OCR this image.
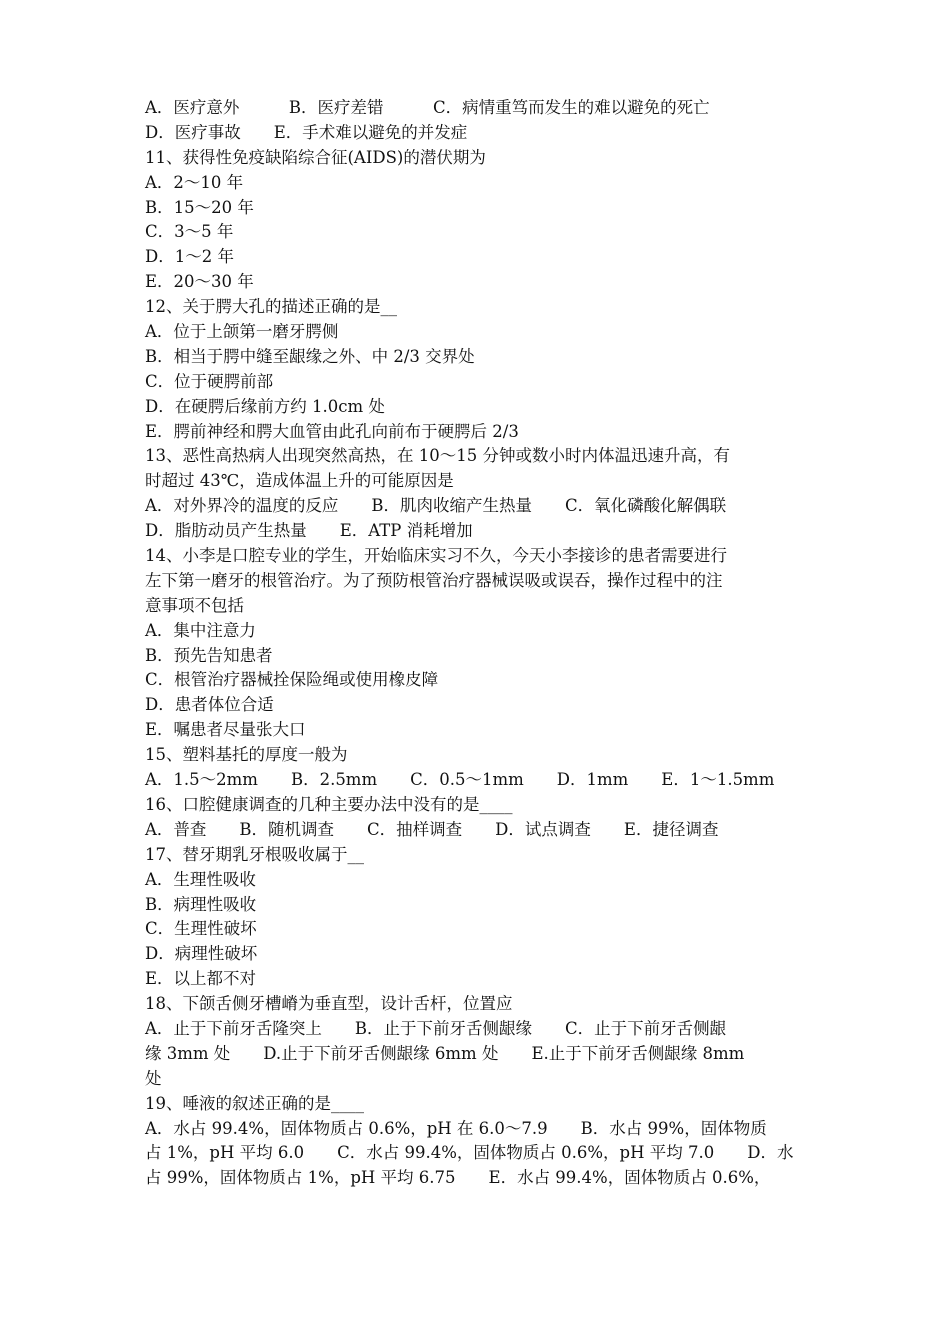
A．医疗意外　　　B．医疗差错　　　C．病情重笃而发生的难以避免的死亡
D．医疗事故　　E．手术难以避免的并发症
11、获得性免疫缺陷综合征(AIDS)的潜伏期为
A．2～10 年
B．15～20 年
C．3～5 年
D．1～2 年
E．20～30 年
12、关于腭大孔的描述正确的是__
A．位于上颌第一磨牙腭侧
B．相当于腭中缝至龈缘之外、中 2/3 交界处
C．位于硬腭前部
D．在硬腭后缘前方约 1.0cm 处
E．腭前神经和腭大血管由此孔向前布于硬腭后 2/3
13、恶性高热病人出现突然高热，在 10～15 分钟或数小时内体温迅速升高，有
时超过 43℃，造成体温上升的可能原因是
A．对外界冷的温度的反应　　B．肌肉收缩产生热量　　C．氧化磷酸化解偶联
D．脂肪动员产生热量　　E．ATP 消耗增加
14、小李是口腔专业的学生，开始临床实习不久，今天小李接诊的患者需要进行
左下第一磨牙的根管治疗。为了预防根管治疗器械误吸或误吞，操作过程中的注
意事项不包括
A．集中注意力
B．预先告知患者
C．根管治疗器械拴保险绳或使用橡皮障
D．患者体位合适
E．嘱患者尽量张大口
15、塑料基托的厚度一般为
A．1.5～2mm　　B．2.5mm　　C．0.5～1mm　　D．1mm　　E．1～1.5mm
16、口腔健康调查的几种主要办法中没有的是____
A．普查　　B．随机调查　　C．抽样调查　　D．试点调查　　E．捷径调查
17、替牙期乳牙根吸收属于__
A．生理性吸收
B．病理性吸收
C．生理性破坏
D．病理性破坏
E．以上都不对
18、下颌舌侧牙槽嵴为垂直型，设计舌杆，位置应
A．止于下前牙舌隆突上　　B．止于下前牙舌侧龈缘　　C．止于下前牙舌侧龈
缘 3mm 处　　D.止于下前牙舌侧龈缘 6mm 处　　E.止于下前牙舌侧龈缘 8mm
处
19、唾液的叙述正确的是____
A．水占 99.4%，固体物质占 0.6%，pH 在 6.0～7.9　　B．水占 99%，固体物质
占 1%，pH 平均 6.0　　C．水占 99.4%，固体物质占 0.6%，pH 平均 7.0　　D．水
占 99%，固体物质占 1%，pH 平均 6.75　　E．水占 99.4%，固体物质占 0.6%，
